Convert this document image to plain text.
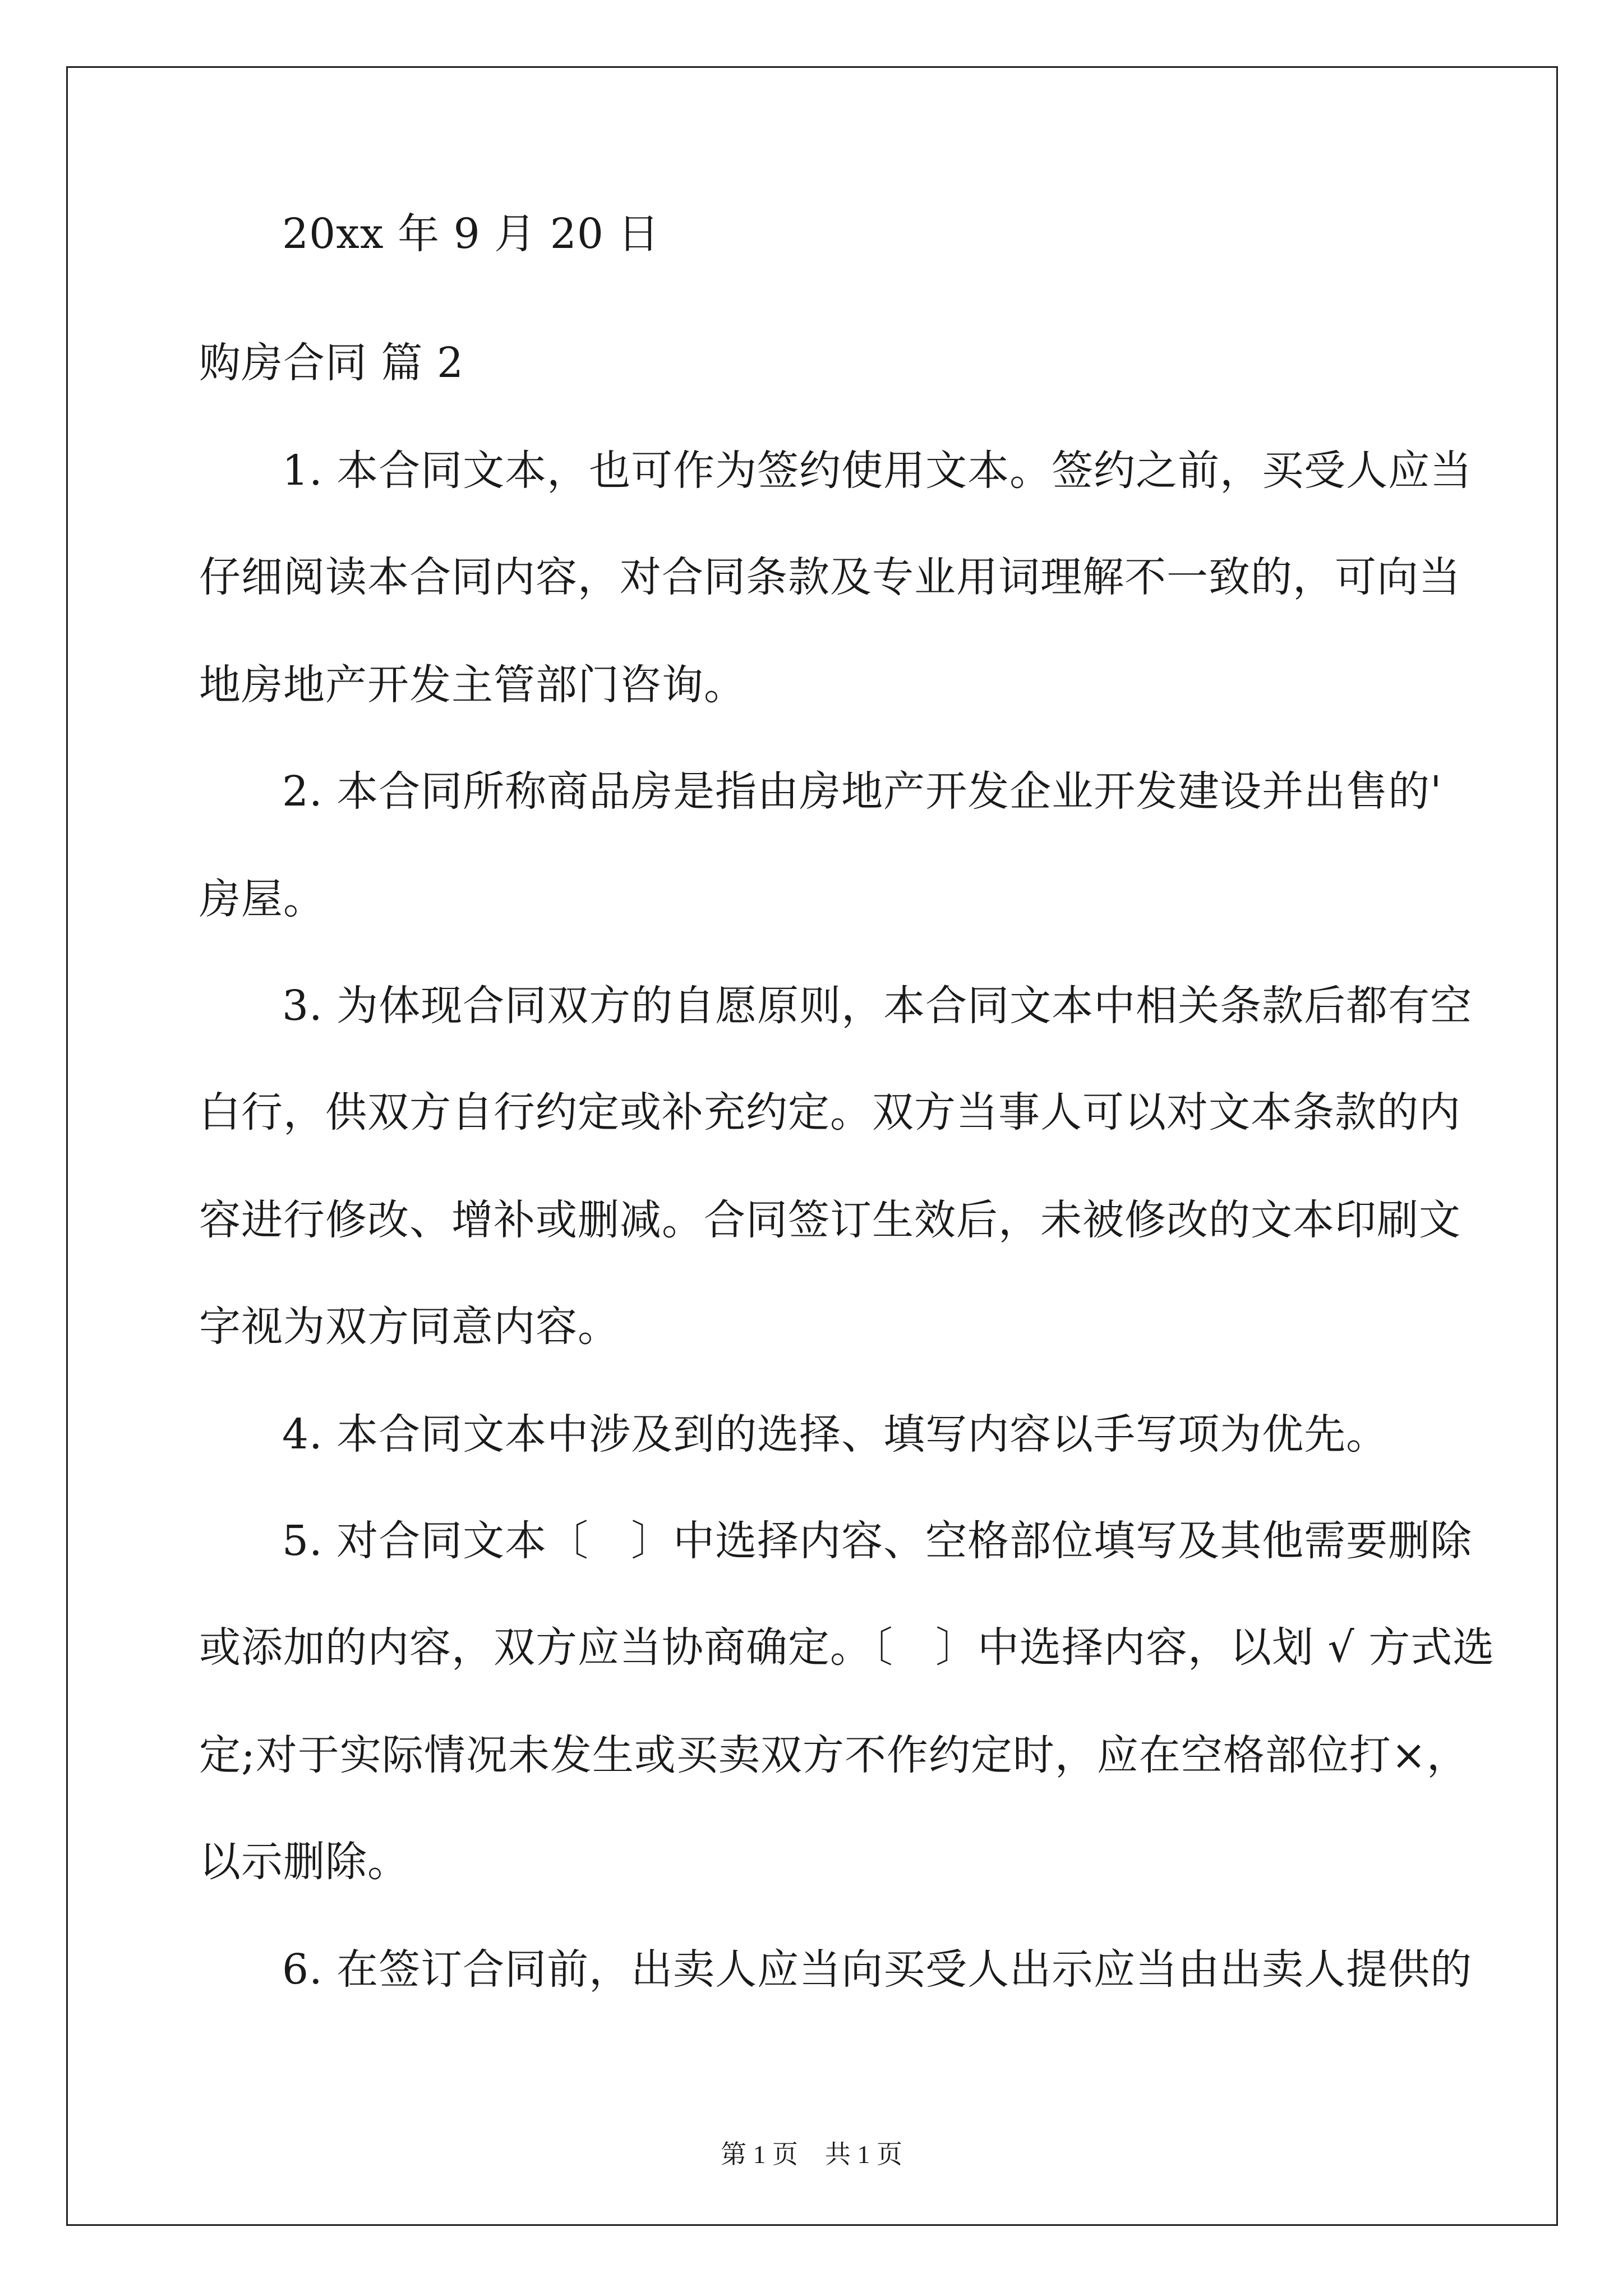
20xx 年 9 月 20 日
购房合同 篇 2
1. 本合同文本，也可作为签约使用文本。签约之前，买受人应当
仔细阅读本合同内容，对合同条款及专业用词理解不一致的，可向当
地房地产开发主管部门咨询。
2. 本合同所称商品房是指由房地产开发企业开发建设并出售的'
房屋。
3. 为体现合同双方的自愿原则，本合同文本中相关条款后都有空
白行，供双方自行约定或补充约定。双方当事人可以对文本条款的内
容进行修改、增补或删减。合同签订生效后，未被修改的文本印刷文
字视为双方同意内容。
4. 本合同文本中涉及到的选择、填写内容以手写项为优先。
5. 对合同文本〔　〕中选择内容、空格部位填写及其他需要删除
或添加的内容，双方应当协商确定。〔　〕中选择内容，以划 √ 方式选
定;对于实际情况未发生或买卖双方不作约定时，应在空格部位打×，
以示删除。
6. 在签订合同前，出卖人应当向买受人出示应当由出卖人提供的
第 1 页 共 1 页
